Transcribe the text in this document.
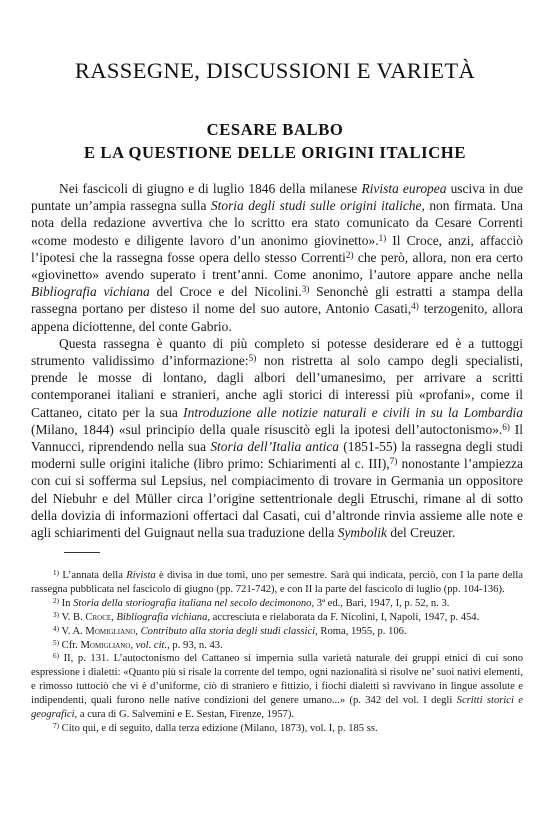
RASSEGNE, DISCUSSIONI E VARIETÀ
CESARE BALBO
E LA QUESTIONE DELLE ORIGINI ITALICHE

Nei fascicoli di giugno e di luglio 1846 della milanese Rivista europea usciva in due puntate un’ampia rassegna sulla Storia degli studi sulle origini italiche, non firmata. Una nota della redazione avvertiva che lo scritto era stato comunicato da Cesare Correnti «come modesto e diligente lavoro d’un anonimo giovinetto».$^{1)}$ Il Croce, anzi, affacciò l’ipotesi che la rassegna fosse opera dello stesso Correnti$^{2)}$ che però, allora, non era certo «giovinetto» avendo superato i trent’anni. Come anonimo, l’autore appare anche nella Bibliografia vichiana del Croce e del Nicolini.$^{3)}$ Senonchè gli estratti a stampa della rassegna portano per disteso il nome del suo autore, Antonio Casati,$^{4)}$ terzogenito, allora appena diciottenne, del conte Gabrio.

Questa rassegna è quanto di più completo si potesse desiderare ed è a tuttoggi strumento validissimo d’informazione:$^{5)}$ non ristretta al solo campo degli specialisti, prende le mosse di lontano, dagli albori dell’umanesimo, per arrivare a scritti contemporanei italiani e stranieri, anche agli storici di interessi più «profani», come il Cattaneo, citato per la sua Introduzione alle notizie naturali e civili in su la Lombardia (Milano, 1844) «sul principio della quale risuscitò egli la ipotesi dell’autoctonismo».$^{6)}$ Il Vannucci, riprendendo nella sua Storia dell’Italia antica (1851-55) la rassegna degli studi moderni sulle origini italiche (libro primo: Schiarimenti al c. III),$^{7)}$ nonostante l’ampiezza con cui si sofferma sul Lepsius, nel compiacimento di trovare in Germania un oppositore del Niebuhr e del Müller circa l’origine settentrionale degli Etruschi, rimane al di sotto della dovizia di informazioni offertaci dal Casati, cui d’altronde rinvia assieme alle note e agli schiarimenti del Guignaut nella sua traduzione della Symbolik del Creuzer.

$^{1)}$ L’annata della Rivista è divisa in due tomi, uno per semestre. Sarà qui indicata, perciò, con I la parte della rassegna pubblicata nel fascicolo di giugno (pp. 721-742), e con II la parte del fascicolo di luglio (pp. 104-136).

$^{2)}$ In Storia della storiografia italiana nel secolo decimonono, 3ª ed., Bari, 1947, I, p. 52, n. 3.

$^{3)}$ V. B. Croce, Bibliografia vichiana, accresciuta e rielaborata da F. Nicolini, I, Napoli, 1947, p. 454.

$^{4)}$ V. A. Momigliano, Contributo alla storia degli studi classici, Roma, 1955, p. 106.

$^{5)}$ Cfr. Momigliano, vol. cit., p. 93, n. 43.

$^{6)}$ II, p. 131. L’autoctonismo del Cattaneo si impernia sulla varietà naturale dei gruppi etnici di cui sono espressione i dialetti: «Quanto più si risale la corrente del tempo, ogni nazionalità si risolve ne’ suoi nativi elementi, e rimosso tuttociò che vi è d’uniforme, ciò di straniero e fittizio, i fiochi dialetti si ravvivano in lingue assolute e indipendenti, quali furono nelle native condizioni del genere umano...» (p. 342 del vol. I degli Scritti storici e geografici, a cura di G. Salvemini e E. Sestan, Firenze, 1957).

$^{7)}$ Cito qui, e di seguito, dalla terza edizione (Milano, 1873), vol. I, p. 185 ss.
